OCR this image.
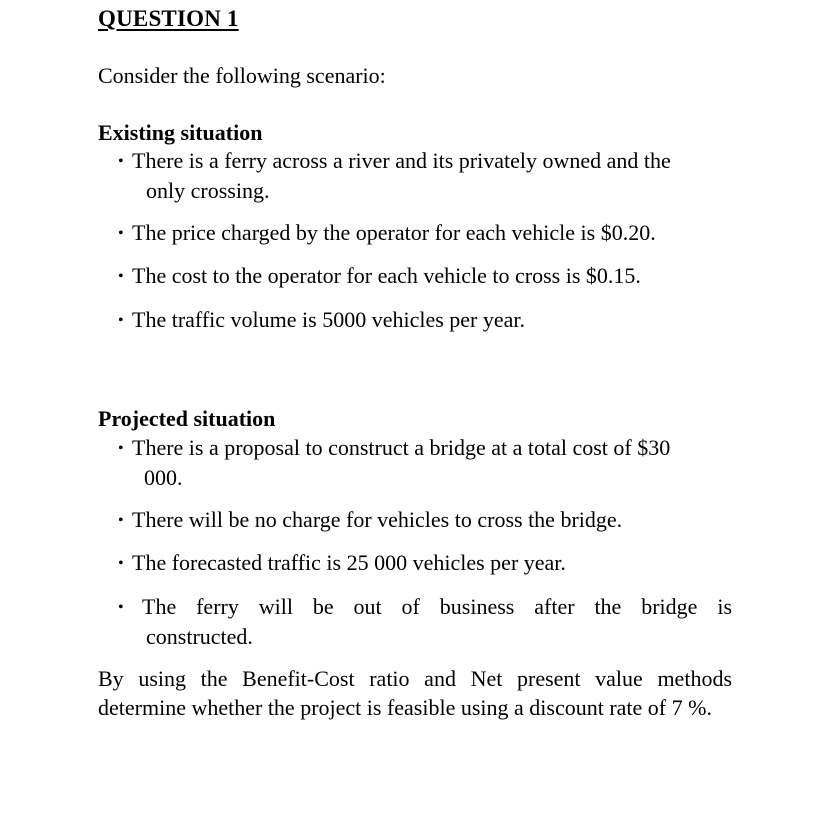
QUESTION 1
Consider the following scenario:
Existing situation
• There is a ferry across a river and its privately owned and the
only crossing.
• The price charged by the operator for each vehicle is $0.20.
• The cost to the operator for each vehicle to cross is $0.15.
• The traffic volume is 5000 vehicles per year.
Projected situation
• There is a proposal to construct a bridge at a total cost of $30
000.
• There will be no charge for vehicles to cross the bridge.
• The forecasted traffic is 25 000 vehicles per year.
• The ferry will be out of business after the bridge is
constructed.
By using the Benefit-Cost ratio and Net present value methods determine whether the project is feasible using a discount rate of 7 %.
